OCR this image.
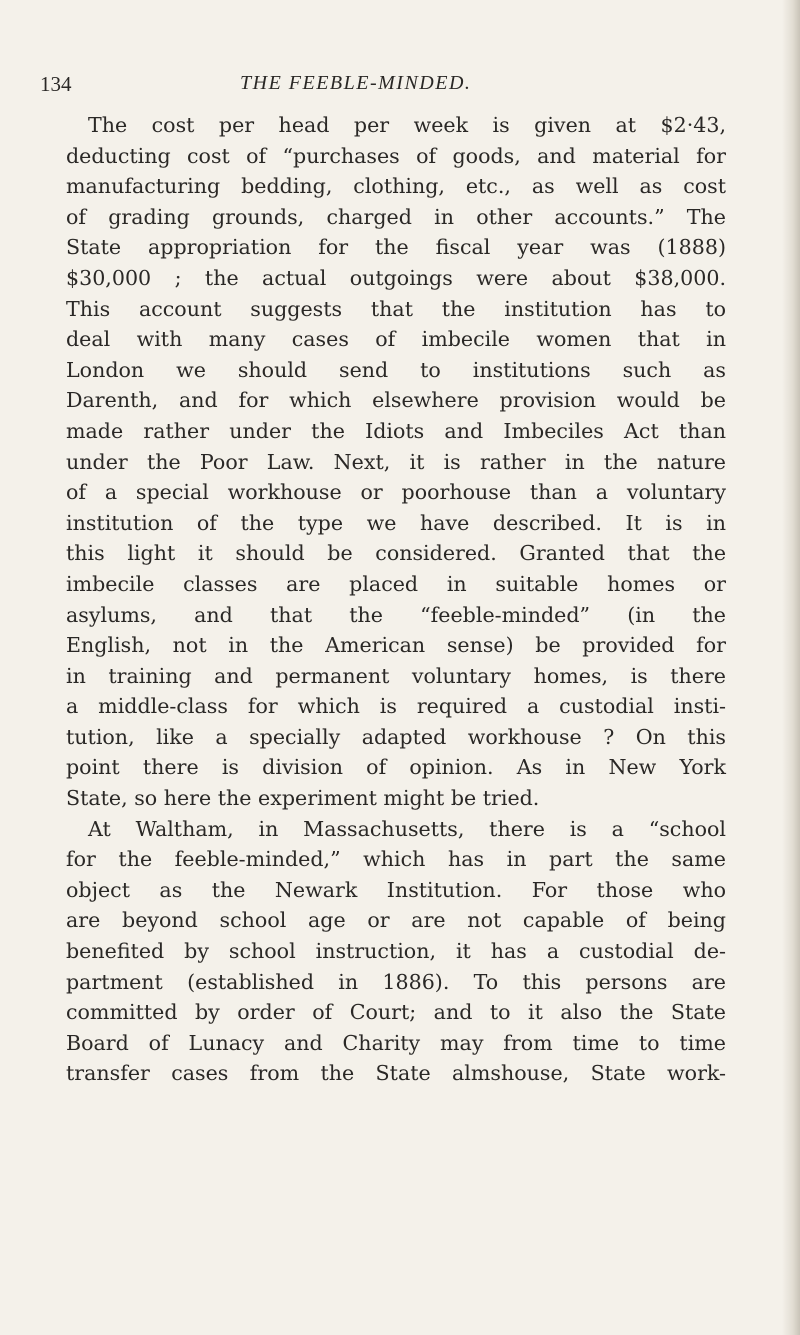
134	THE FEEBLE-MINDED.
The cost per head per week is given at $2·43,
deducting cost of “purchases of goods, and material for
manufacturing bedding, clothing, etc., as well as cost
of grading grounds, charged in other accounts.” The
State appropriation for the fiscal year was (1888)
$30,000 ; the actual outgoings were about $38,000.
This account suggests that the institution has to
deal with many cases of imbecile women that in
London we should send to institutions such as
Darenth, and for which elsewhere provision would be
made rather under the Idiots and Imbeciles Act than
under the Poor Law. Next, it is rather in the nature
of a special workhouse or poorhouse than a voluntary
institution of the type we have described. It is in
this light it should be considered. Granted that the
imbecile classes are placed in suitable homes or
asylums, and that the “feeble-minded” (in the
English, not in the American sense) be provided for
in training and permanent voluntary homes, is there
a middle-class for which is required a custodial insti-
tution, like a specially adapted workhouse ? On this
point there is division of opinion. As in New York
State, so here the experiment might be tried.
At Waltham, in Massachusetts, there is a “school
for the feeble-minded,” which has in part the same
object as the Newark Institution. For those who
are beyond school age or are not capable of being
benefited by school instruction, it has a custodial de-
partment (established in 1886). To this persons are
committed by order of Court; and to it also the State
Board of Lunacy and Charity may from time to time
transfer cases from the State almshouse, State work-
